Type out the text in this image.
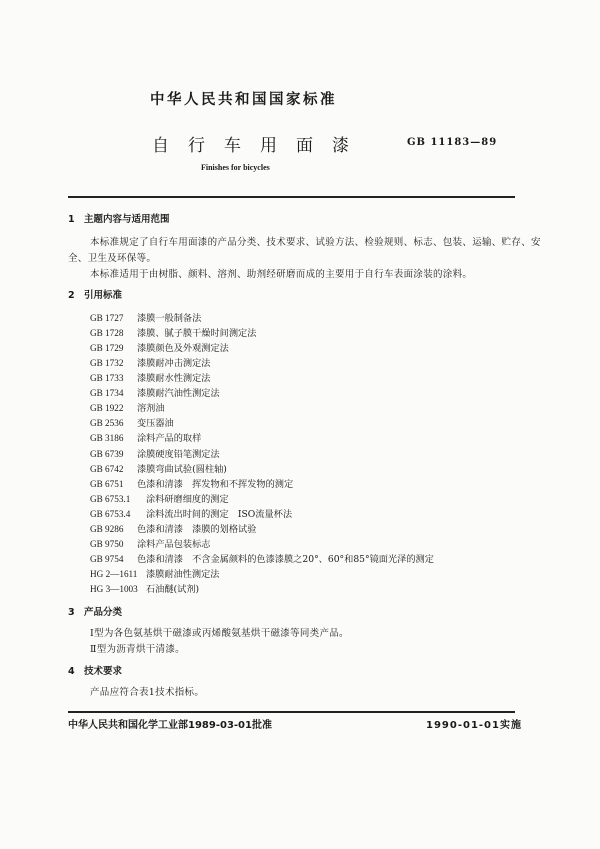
中华人民共和国国家标准
自行车用面漆	GB 11183—89
Finishes for bicycles
1 主题内容与适用范围
本标准规定了自行车用面漆的产品分类、技术要求、试验方法、检验规则、标志、包装、运输、贮存、安
全、卫生及环保等。
本标准适用于由树脂、颜料、溶剂、助剂经研磨而成的主要用于自行车表面涂装的涂料。
2 引用标准
GB 1727 漆膜一般制备法
GB 1728 漆膜、腻子膜干燥时间测定法
GB 1729 漆膜颜色及外观测定法
GB 1732 漆膜耐冲击测定法
GB 1733 漆膜耐水性测定法
GB 1734 漆膜耐汽油性测定法
GB 1922 溶剂油
GB 2536 变压器油
GB 3186 涂料产品的取样
GB 6739 涂膜硬度铅笔测定法
GB 6742 漆膜弯曲试验(圆柱轴)
GB 6751 色漆和清漆　挥发物和不挥发物的测定
GB 6753.1 涂料研磨细度的测定
GB 6753.4 涂料流出时间的测定　ISO流量杯法
GB 9286 色漆和清漆　漆膜的划格试验
GB 9750 涂料产品包装标志
GB 9754 色漆和清漆　不含金属颜料的色漆漆膜之20°、60°和85°镜面光泽的测定
HG 2—1611 漆膜耐油性测定法
HG 3—1003 石油醚(试剂)
3 产品分类
Ⅰ型为各色氨基烘干磁漆或丙烯酸氨基烘干磁漆等同类产品。
Ⅱ型为沥青烘干清漆。
4 技术要求
产品应符合表1技术指标。
中华人民共和国化学工业部1989-03-01批准	1990-01-01实施
